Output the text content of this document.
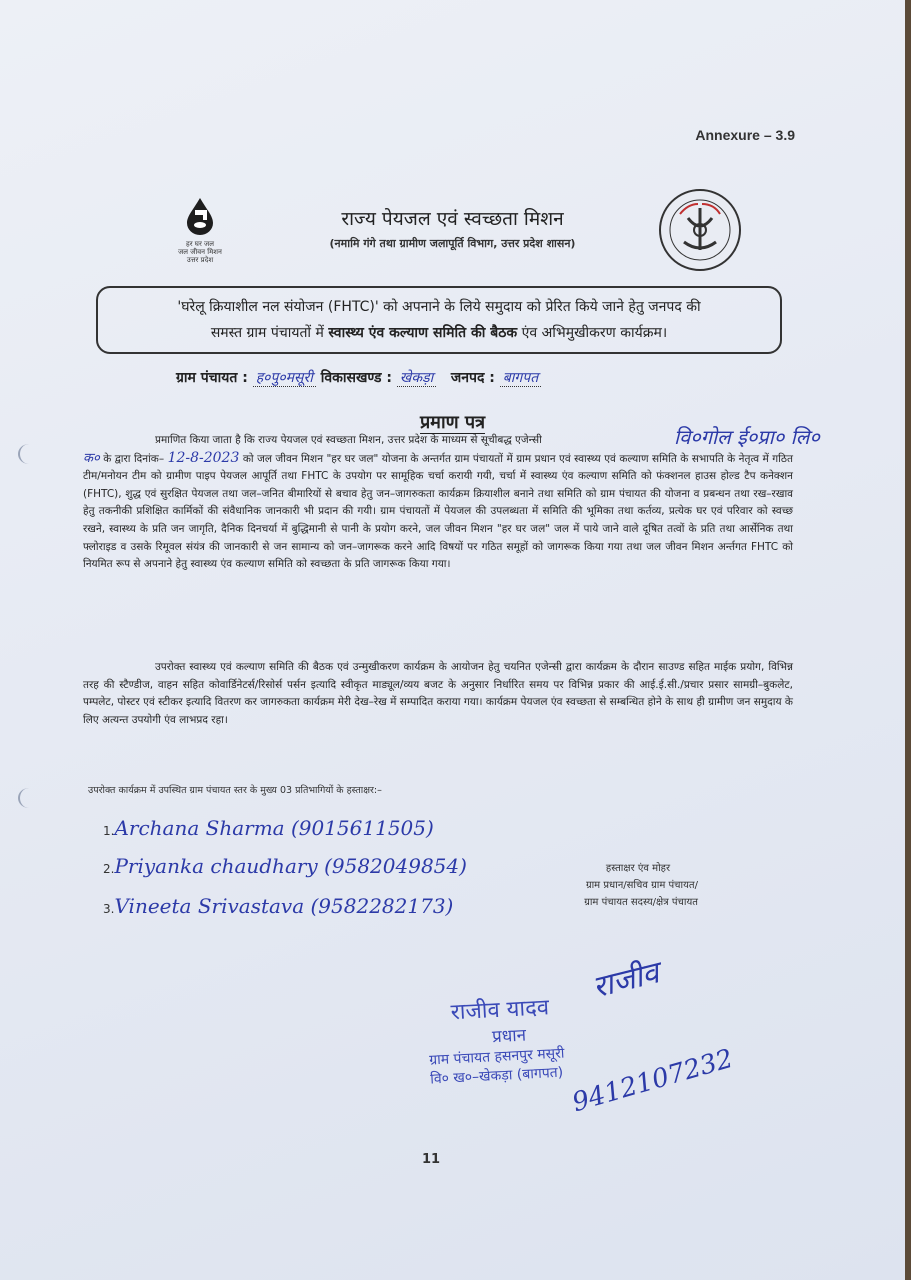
Annexure – 3.9
हर घर जल
जल जीवन मिशन
उत्तर प्रदेश
राज्य पेयजल एवं स्वच्छता मिशन
(नमामि गंगे तथा ग्रामीण जलापूर्ति विभाग, उत्तर प्रदेश शासन)
'घरेलू क्रियाशील नल संयोजन (FHTC)' को अपनाने के लिये समुदाय को प्रेरित किये जाने हेतु जनपद की
समस्त ग्राम पंचायतों में स्वास्थ्य एंव कल्याण समिति की बैठक एंव अभिमुखीकरण कार्यक्रम।
ग्राम पंचायत : ह०पु०मसूरी विकासखण्ड : खेकड़ा जनपद : बागपत
प्रमाण पत्र
वि०गोल ई०प्रा० लि०
प्रमाणित किया जाता है कि राज्य पेयजल एवं स्वच्छता मिशन, उत्तर प्रदेश के माध्यम से सूचीबद्ध एजेन्सी
क० के द्वारा दिनांक– 12-8-2023 को जल जीवन मिशन "हर घर जल" योजना के अन्तर्गत ग्राम पंचायतों में ग्राम प्रधान एवं स्वास्थ्य एवं कल्याण समिति के सभापति के नेतृत्व में गठित टीम/मनोयन टीम को ग्रामीण पाइप पेयजल आपूर्ति तथा FHTC के उपयोग पर सामूहिक चर्चा करायी गयी, चर्चा में स्वास्थ्य एंव कल्याण समिति को फंक्शनल हाउस होल्ड टैप कनेक्शन (FHTC), शुद्ध एवं सुरक्षित पेयजल तथा जल–जनित बीमारियों से बचाव हेतु जन–जागरुकता कार्यक्रम क्रियाशील बनाने तथा समिति को ग्राम पंचायत की योजना व प्रबन्धन तथा रख–रखाव हेतु तकनीकी प्रशिक्षित कार्मिकों की संवैधानिक जानकारी भी प्रदान की गयी। ग्राम पंचायतों में पेयजल की उपलब्धता में समिति की भूमिका तथा कर्तव्य, प्रत्येक घर एवं परिवार को स्वच्छ रखने, स्वास्थ्य के प्रति जन जागृति, दैनिक दिनचर्या में बुद्धिमानी से पानी के प्रयोग करने, जल जीवन मिशन "हर घर जल" जल में पाये जाने वाले दूषित तत्वों के प्रति तथा आर्सेनिक तथा फ्लोराइड व उसके रिमूवल संयंत्र की जानकारी से जन सामान्य को जन–जागरूक करने आदि विषयों पर गठित समूहों को जागरूक किया गया तथा जल जीवन मिशन अर्न्तगत FHTC को नियमित रूप से अपनाने हेतु स्वास्थ्य एंव कल्याण समिति को स्वच्छता के प्रति जागरूक किया गया।
उपरोक्त स्वास्थ्य एवं कल्याण समिति की बैठक एवं उन्मुखीकरण कार्यक्रम के आयोजन हेतु चयनित एजेन्सी द्वारा कार्यक्रम के दौरान साउण्ड सहित माईक प्रयोग, विभिन्न तरह की स्टैण्डीज, वाहन सहित कोवार्डिनेटर्स/रिसोर्स पर्सन इत्यादि स्वीकृत माड्यूल/व्यय बजट के अनुसार निर्धारित समय पर विभिन्न प्रकार की आई.ई.सी./प्रचार प्रसार सामग्री–बुकलेट, पम्पलेट, पोस्टर एवं स्टीकर इत्यादि वितरण कर जागरुकता कार्यक्रम मेरी देख–रेख में सम्पादित कराया गया। कार्यक्रम पेयजल एंव स्वच्छता से सम्बन्धित होने के साथ ही ग्रामीण जन समुदाय के लिए अत्यन्त उपयोगी एंव लाभप्रद रहा।
उपरोक्त कार्यक्रम में उपस्थित ग्राम पंचायत स्तर के मुख्य 03 प्रतिभागियों के हस्ताक्षर:–
1.Archana Sharma (9015611505)
2.Priyanka chaudhary (9582049854)
3.Vineeta Srivastava (9582282173)
हस्ताक्षर एंव मोहर
ग्राम प्रधान/सचिव ग्राम पंचायत/
ग्राम पंचायत सदस्य/क्षेत्र पंचायत
राजीव यादव
प्रधान
ग्राम पंचायत हसनपुर मसूरी
वि० ख०–खेकड़ा (बागपत)
राजीव
9412107232
11
